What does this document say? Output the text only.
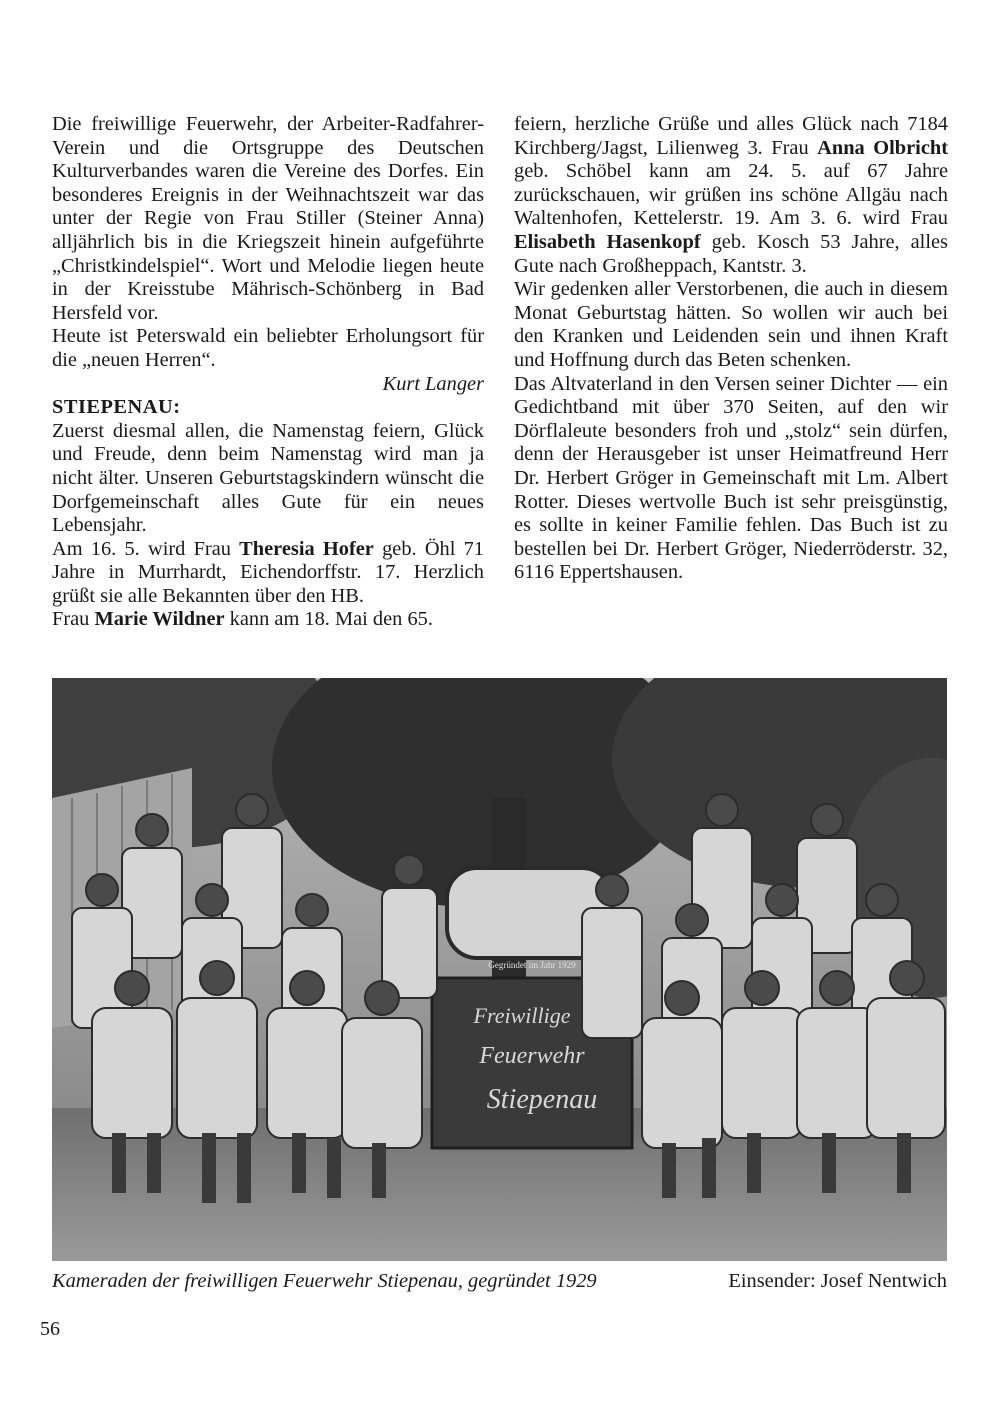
Die freiwillige Feuerwehr, der Arbeiter-Radfahrer-Verein und die Ortsgruppe des Deutschen Kulturverbandes waren die Vereine des Dorfes. Ein besonderes Ereignis in der Weihnachtszeit war das unter der Regie von Frau Stiller (Steiner Anna) alljährlich bis in die Kriegszeit hinein aufgeführte „Christkindelspiel“. Wort und Melodie liegen heute in der Kreisstube Mährisch-Schönberg in Bad Hersfeld vor.

Heute ist Peterswald ein beliebter Erholungsort für die „neuen Herren“.

Kurt Langer

STIEPENAU:

Zuerst diesmal allen, die Namenstag feiern, Glück und Freude, denn beim Namenstag wird man ja nicht älter. Unseren Geburtstagskindern wünscht die Dorfgemeinschaft alles Gute für ein neues Lebensjahr.

Am 16. 5. wird Frau Theresia Hofer geb. Öhl 71 Jahre in Murrhardt, Eichendorffstr. 17. Herzlich grüßt sie alle Bekannten über den HB.

Frau Marie Wildner kann am 18. Mai den 65.

feiern, herzliche Grüße und alles Glück nach 7184 Kirchberg/Jagst, Lilienweg 3. Frau Anna Olbricht geb. Schöbel kann am 24. 5. auf 67 Jahre zurückschauen, wir grüßen ins schöne Allgäu nach Waltenhofen, Kettelerstr. 19. Am 3. 6. wird Frau Elisabeth Hasenkopf geb. Kosch 53 Jahre, alles Gute nach Großheppach, Kantstr. 3.

Wir gedenken aller Verstorbenen, die auch in diesem Monat Geburtstag hätten. So wollen wir auch bei den Kranken und Leidenden sein und ihnen Kraft und Hoffnung durch das Beten schenken.

Das Altvaterland in den Versen seiner Dichter — ein Gedichtband mit über 370 Seiten, auf den wir Dörflaleute besonders froh und „stolz“ sein dürfen, denn der Herausgeber ist unser Heimatfreund Herr Dr. Herbert Gröger in Gemeinschaft mit Lm. Albert Rotter. Dieses wertvolle Buch ist sehr preisgünstig, es sollte in keiner Familie fehlen. Das Buch ist zu bestellen bei Dr. Herbert Gröger, Niederröderstr. 32, 6116 Eppertshausen.

Gegründet im Jahr 1929
Freiwillige
Feuerwehr
Stiepenau
Kameraden der freiwilligen Feuerwehr Stiepenau, gegründet 1929	Einsender: Josef Nentwich
56
